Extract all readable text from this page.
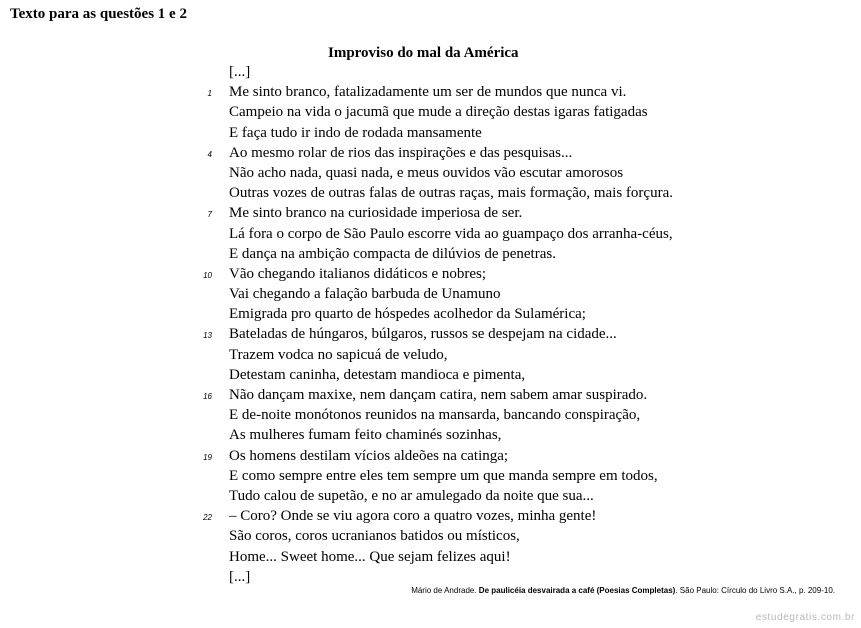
Texto para as questões 1 e 2
Improviso do mal da América
[...]
1 Me sinto branco, fatalizadamente um ser de mundos que nunca vi.
Campeio na vida o jacumã que mude a direção destas igaras fatigadas
E faça tudo ir indo de rodada mansamente
4 Ao mesmo rolar de rios das inspirações e das pesquisas...
Não acho nada, quasi nada, e meus ouvidos vão escutar amorosos
Outras vozes de outras falas de outras raças, mais formação, mais forçura.
7 Me sinto branco na curiosidade imperiosa de ser.
Lá fora o corpo de São Paulo escorre vida ao guampaço dos arranha-céus,
E dança na ambição compacta de dilúvios de penetras.
10 Vão chegando italianos didáticos e nobres;
Vai chegando a falação barbuda de Unamuno
Emigrada pro quarto de hóspedes acolhedor da Sulamérica;
13 Bateladas de húngaros, búlgaros, russos se despejam na cidade...
Trazem vodca no sapicuá de veludo,
Detestam caninha, detestam mandioca e pimenta,
16 Não dançam maxixe, nem dançam catira, nem sabem amar suspirado.
E de-noite monótonos reunidos na mansarda, bancando conspiração,
As mulheres fumam feito chaminés sozinhas,
19 Os homens destilam vícios aldeões na catinga;
E como sempre entre eles tem sempre um que manda sempre em todos,
Tudo calou de supetão, e no ar amulegado da noite que sua...
22 – Coro? Onde se viu agora coro a quatro vozes, minha gente!
São coros, coros ucranianos batidos ou místicos,
Home... Sweet home... Que sejam felizes aqui!
[...]
Mário de Andrade. De paulicéia desvairada a café (Poesias Completas). São Paulo: Círculo do Livro S.A., p. 209-10.
estudegratis.com.br
